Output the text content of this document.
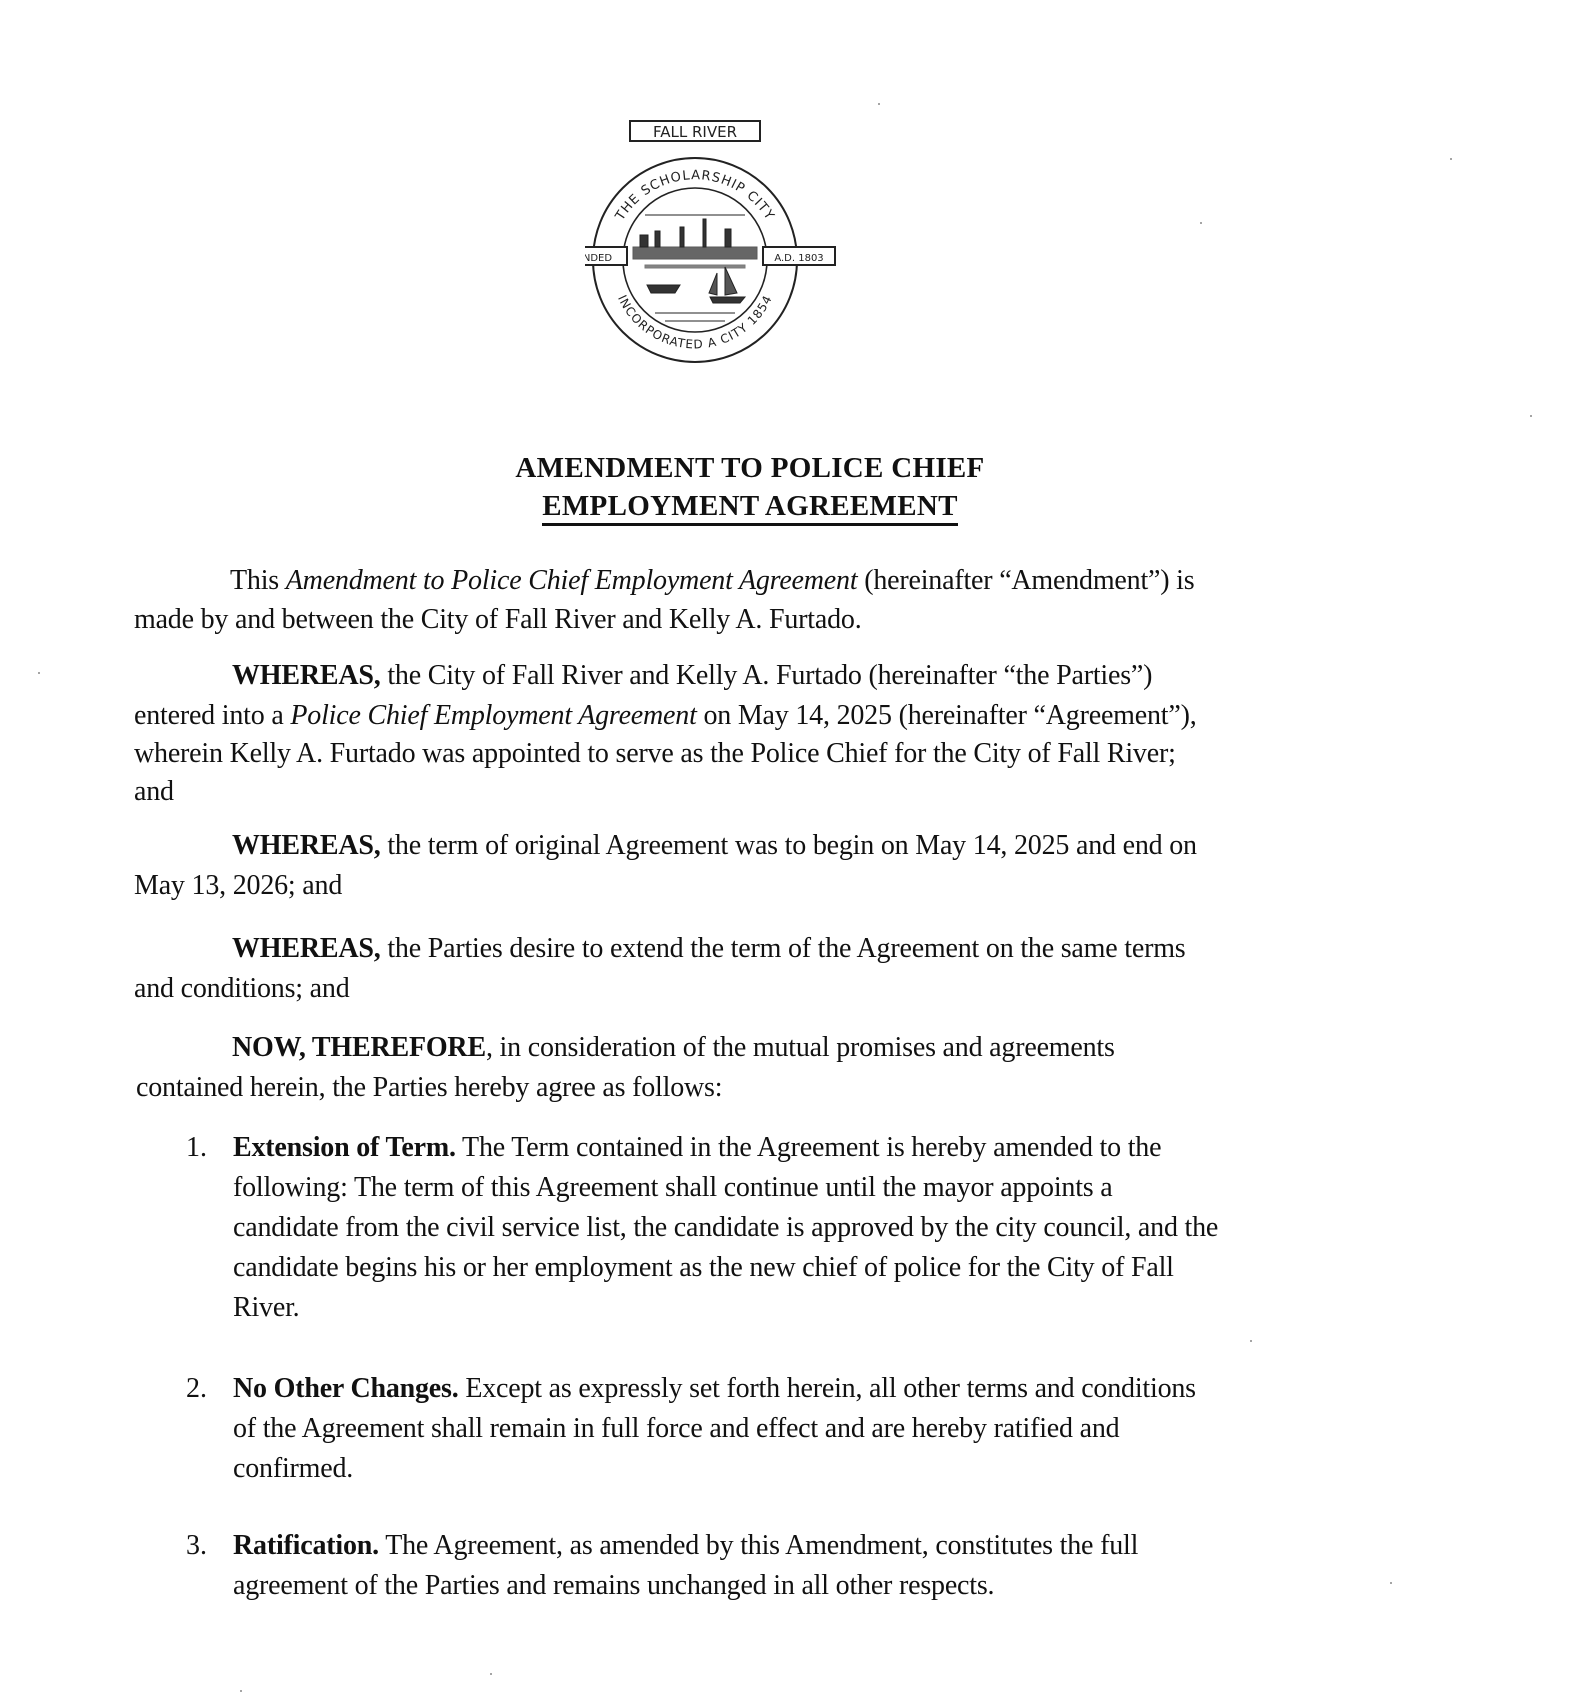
FALL RIVER
THE SCHOLARSHIP CITY
INCORPORATED A CITY 1854
NDED	A.D. 1803
AMENDMENT TO POLICE CHIEF
EMPLOYMENT AGREEMENT
This Amendment to Police Chief Employment Agreement (hereinafter “Amendment”) is
made by and between the City of Fall River and Kelly A. Furtado.
WHEREAS, the City of Fall River and Kelly A. Furtado (hereinafter “the Parties”)
entered into a Police Chief Employment Agreement on May 14, 2025 (hereinafter “Agreement”),
wherein Kelly A. Furtado was appointed to serve as the Police Chief for the City of Fall River;
and
WHEREAS, the term of original Agreement was to begin on May 14, 2025 and end on
May 13, 2026; and
WHEREAS, the Parties desire to extend the term of the Agreement on the same terms
and conditions; and
NOW, THEREFORE, in consideration of the mutual promises and agreements
contained herein, the Parties hereby agree as follows:
1. Extension of Term. The Term contained in the Agreement is hereby amended to the
following: The term of this Agreement shall continue until the mayor appoints a
candidate from the civil service list, the candidate is approved by the city council, and the
candidate begins his or her employment as the new chief of police for the City of Fall
River.
2. No Other Changes. Except as expressly set forth herein, all other terms and conditions
of the Agreement shall remain in full force and effect and are hereby ratified and
confirmed.
3. Ratification. The Agreement, as amended by this Amendment, constitutes the full
agreement of the Parties and remains unchanged in all other respects.
